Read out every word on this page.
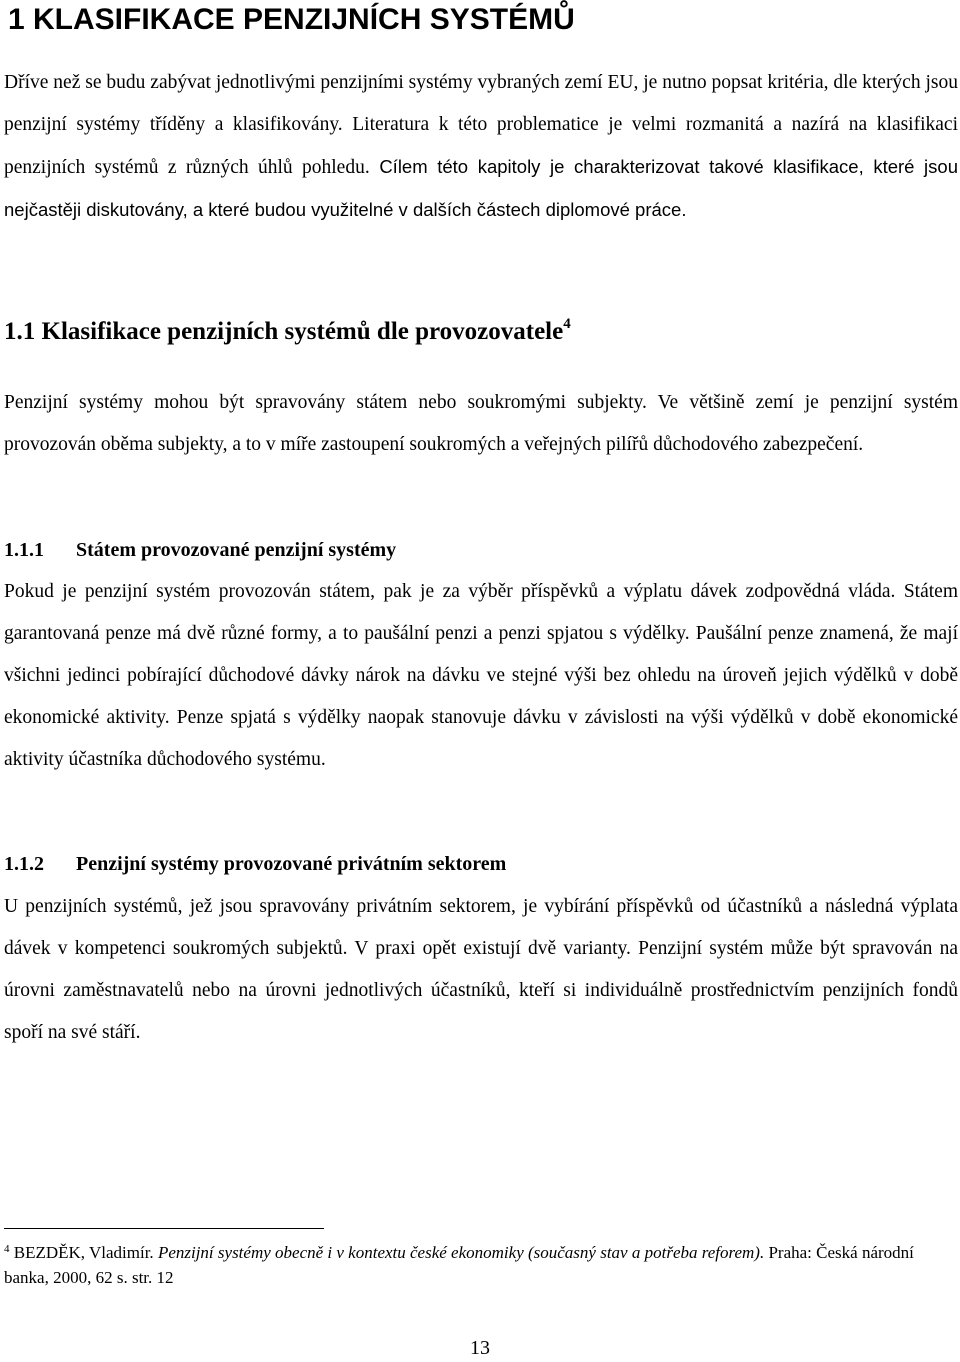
1 KLASIFIKACE PENZIJNÍCH SYSTÉMŮ
Dříve než se budu zabývat jednotlivými penzijními systémy vybraných zemí EU, je nutno popsat kritéria, dle kterých jsou penzijní systémy tříděny a klasifikovány. Literatura k této problematice je velmi rozmanitá a nazírá na klasifikaci penzijních systémů z různých úhlů pohledu. Cílem této kapitoly je charakterizovat takové klasifikace, které jsou nejčastěji diskutovány, a které budou využitelné v dalších částech diplomové práce.
1.1 Klasifikace penzijních systémů dle provozovatele$^4$
Penzijní systémy mohou být spravovány státem nebo soukromými subjekty. Ve většině zemí je penzijní systém provozován oběma subjekty, a to v míře zastoupení soukromých a veřejných pilířů důchodového zabezpečení.
1.1.1 Státem provozované penzijní systémy
Pokud je penzijní systém provozován státem, pak je za výběr příspěvků a výplatu dávek zodpovědná vláda. Státem garantovaná penze má dvě různé formy, a to paušální penzi a penzi spjatou s výdělky. Paušální penze znamená, že mají všichni jedinci pobírající důchodové dávky nárok na dávku ve stejné výši bez ohledu na úroveň jejich výdělků v době ekonomické aktivity. Penze spjatá s výdělky naopak stanovuje dávku v závislosti na výši výdělků v době ekonomické aktivity účastníka důchodového systému.
1.1.2 Penzijní systémy provozované privátním sektorem
U penzijních systémů, jež jsou spravovány privátním sektorem, je vybírání příspěvků od účastníků a následná výplata dávek v kompetenci soukromých subjektů. V praxi opět existují dvě varianty. Penzijní systém může být spravován na úrovni zaměstnavatelů nebo na úrovni jednotlivých účastníků, kteří si individuálně prostřednictvím penzijních fondů spoří na své stáří.
$^4$ BEZDĚK, Vladimír. Penzijní systémy obecně i v kontextu české ekonomiky (současný stav a potřeba reforem). Praha: Česká národní banka, 2000, 62 s. str. 12
13
